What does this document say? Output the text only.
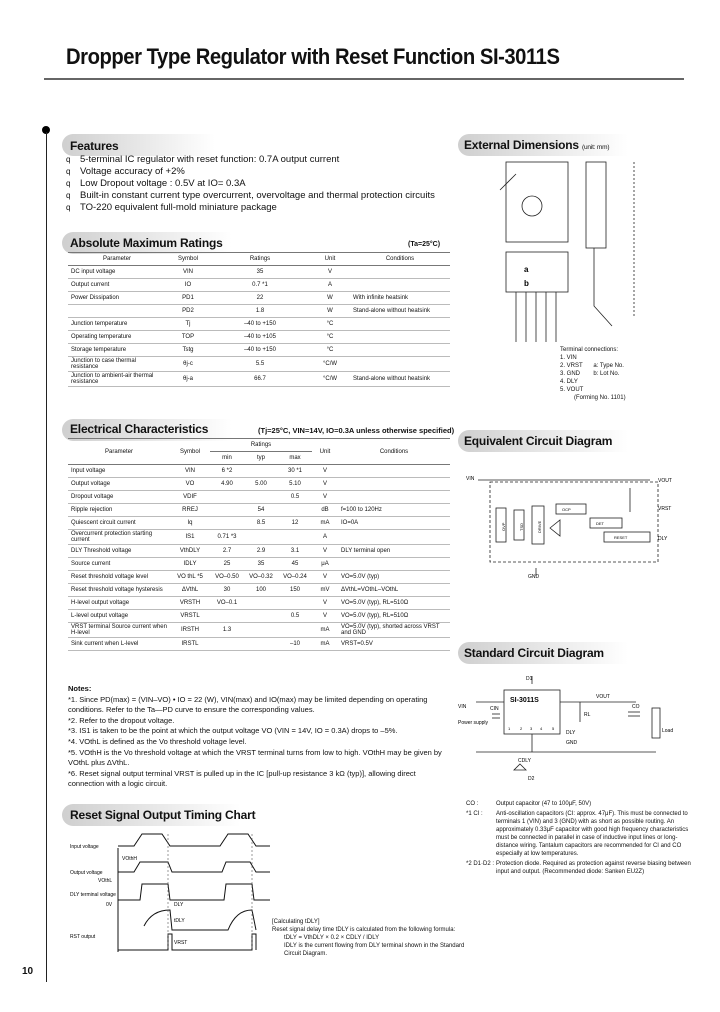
Dropper Type Regulator with Reset Function SI-3011S
10
Features
q	5-terminal IC regulator with reset function: 0.7A output current
q	Voltage accuracy of +2%
q	Low Dropout voltage : 0.5V at IO= 0.3A
q	Built-in constant current type overcurrent, overvoltage and thermal protection circuits
q	TO-220 equivalent full-mold miniature package
Absolute Maximum Ratings	(Ta=25°C)
Parameter	Symbol	Ratings	Unit	Conditions
DC input voltage	VIN	35	V	
Output current	IO	0.7 *1	A	
Power Dissipation	PD1	22	W	With infinite heatsink
	PD2	1.8	W	Stand-alone without heatsink
Junction temperature	Tj	–40 to +150	°C	
Operating temperature	TOP	–40 to +105	°C	
Storage temperature	Tstg	–40 to +150	°C	
Junction to case thermal resistance	θj-c	5.5	°C/W	
Junction to ambient-air thermal resistance	θj-a	66.7	°C/W	Stand-alone without heatsink
Electrical Characteristics	(Tj=25°C, VIN=14V, IO=0.3A unless otherwise specified)
Parameter	Symbol	Ratings			Unit	Conditions
		min	typ	max		
Input voltage	VIN	6 *2		30 *1	V	
Output voltage	VO	4.90	5.00	5.10	V	
Dropout voltage	VDIF			0.5	V	
Ripple rejection	RREJ		54		dB	f=100 to 120Hz
Quiescent circuit current	Iq		8.5	12	mA	IO=0A
Overcurrent protection starting current	IS1	0.71 *3			A	
DLY Threshold voltage	VthDLY	2.7	2.9	3.1	V	DLY terminal open
Source current	IDLY	25	35	45	μA	
Reset threshold voltage level	VO thL *5	VO–0.50	VO–0.32	VO–0.24	V	VO=5.0V (typ)
Reset threshold voltage hysteresis	ΔVthL	30	100	150	mV	ΔVthL=VOthL–VOthL
H-level output voltage	VRSTH	VO–0.1			V	VO=5.0V (typ), RL=510Ω
L-level output voltage	VRSTL			0.5	V	VO=5.0V (typ), RL=510Ω
VRST terminal Source current when H-level	IRSTH	1.3			mA	VO=5.0V (typ), shorted across VRST and GND
Sink current when L-level	IRSTL			–10	mA	VRST=0.5V
Notes:
*1. Since PD(max) = (VIN–VO) • IO = 22 (W), VIN(max) and IO(max) may be limited depending on operating conditions. Refer to the Ta—PD curve to ensure the corresponding values.
*2. Refer to the dropout voltage.
*3. IS1 is taken to be the point at which the output voltage VO (VIN = 14V, IO = 0.3A) drops to –5%.
*4. VOthL is defined as the Vo threshold voltage level.
*5. VOthH is the Vo threshold voltage at which the VRST terminal turns from low to high. VOthH may be given by VOthL plus ΔVthL.
*6. Reset signal output terminal VRST is pulled up in the IC [pull-up resistance 3 kΩ (typ)], allowing direct connection with a logic circuit.
Reset Signal Output Timing Chart
Input voltage
Output voltage
DLY terminal voltage
RST output
VOthH
VOthL
0V	DLY
VRST
tDLY	[Calculating tDLY]
Reset signal delay time tDLY is calculated from the following formula:
tDLY = VthDLY × 0.2 × CDLY / IDLY
IDLY is the current flowing from DLY terminal shown in the Standard Circuit Diagram.
External Dimensions (unit: mm)
a
b
Terminal connections:
1. VIN
2. VRST
3. GND
4. DLY
5. VOUT
a: Type No.
b: Lot No.
(Forming No. 1101)
Equivalent Circuit Diagram
VIN	VOUT
VRST
DLY
GND
OVP	TSD	DRIVE
OCP
DET
RESET
Standard Circuit Diagram
SI-3011S
Power supply
Load
CIN	CO
RL
DLY
GND
CDLY
D2
D1
1 2 3 4 5
VIN
VOUT
CO :	Output capacitor (47 to 100μF, 50V)
*1 CI :	Anti-oscillation capacitors (CI: approx. 47μF). This must be connected to terminals 1 (VIN) and 3 (GND) with as short as possible routing. An approximately 0.33μF capacitor with good high frequency characteristics must be connected in parallel in case of inductive input lines or long-distance wiring. Tantalum capacitors are recommended for CI and CO especially at low temperatures.
*2 D1·D2 : Protection diode. Required as protection against reverse biasing between input and output. (Recommended diode: Sanken EU2Z)
